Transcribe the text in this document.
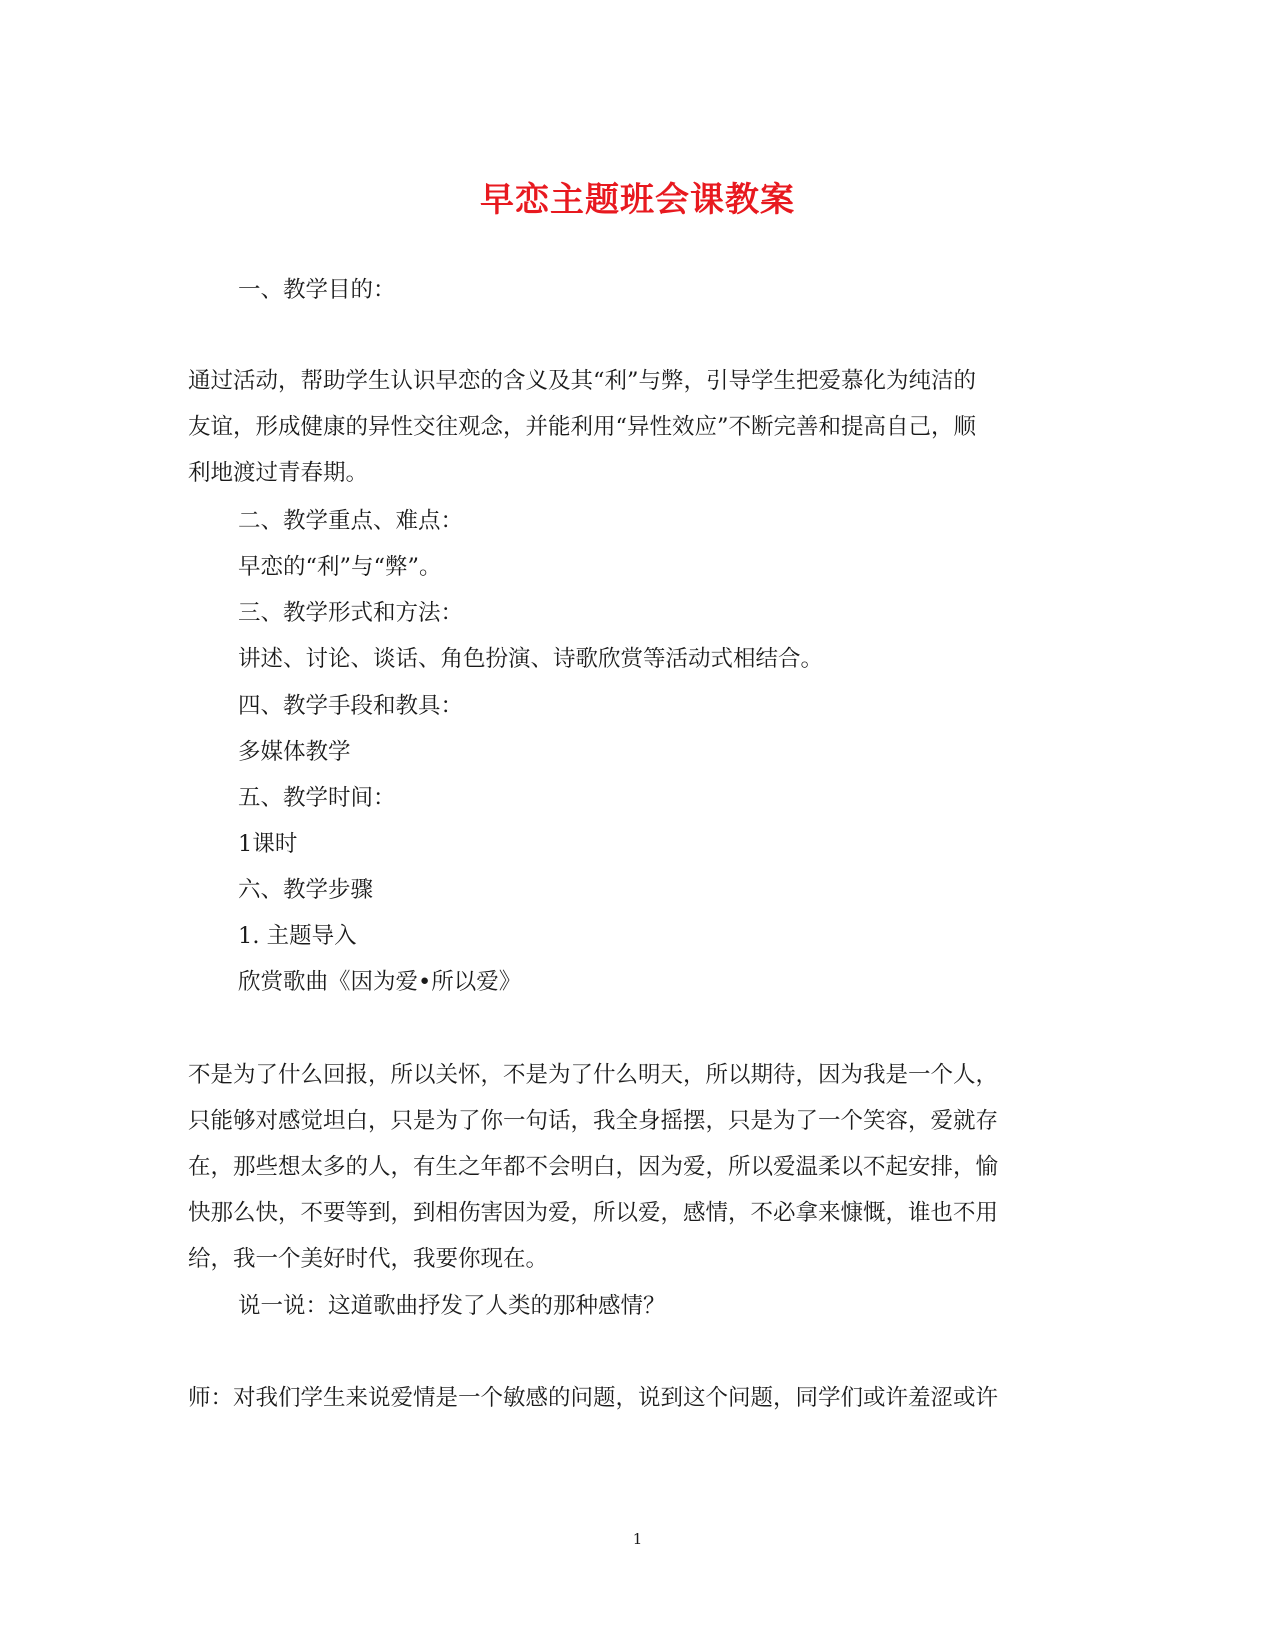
早恋主题班会课教案

一、教学目的：

通过活动，帮助学生认识早恋的含义及其“利”与弊，引导学生把爱慕化为纯洁的

友谊，形成健康的异性交往观念，并能利用“异性效应”不断完善和提高自己，顺

利地渡过青春期。

二、教学重点、难点：

早恋的“利”与“弊”。

三、教学形式和方法：

讲述、讨论、谈话、角色扮演、诗歌欣赏等活动式相结合。

四、教学手段和教具：

多媒体教学

五、教学时间：

1课时

六、教学步骤

1. 主题导入

欣赏歌曲《因为爱•所以爱》

不是为了什么回报，所以关怀，不是为了什么明天，所以期待，因为我是一个人，

只能够对感觉坦白，只是为了你一句话，我全身摇摆，只是为了一个笑容，爱就存

在，那些想太多的人，有生之年都不会明白，因为爱，所以爱温柔以不起安排，愉

快那么快，不要等到，到相伤害因为爱，所以爱，感情，不必拿来慷慨，谁也不用

给，我一个美好时代，我要你现在。

说一说：这道歌曲抒发了人类的那种感情？

师：对我们学生来说爱情是一个敏感的问题，说到这个问题，同学们或许羞涩或许

1
